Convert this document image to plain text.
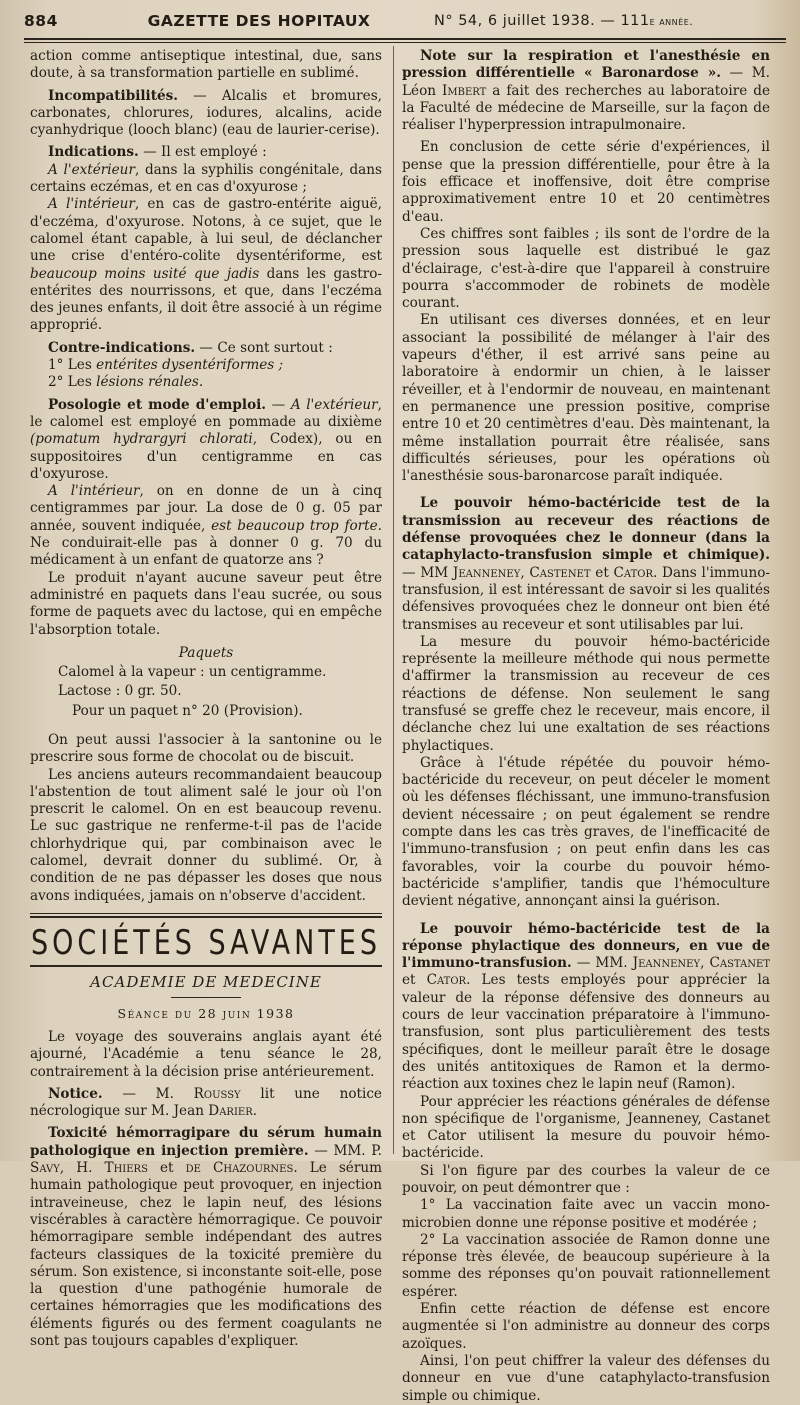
884	GAZETTE DES HOPITAUX	N° 54, 6 juillet 1938. — 111e année.

action comme antiseptique intestinal, due, sans doute, à sa transformation partielle en sublimé.

Incompatibilités. — Alcalis et bromures, carbonates, chlorures, iodures, alcalins, acide cyanhydrique (looch blanc) (eau de laurier-cerise).

Indications. — Il est employé :

A l'extérieur, dans la syphilis congénitale, dans certains eczémas, et en cas d'oxyurose ;

A l'intérieur, en cas de gastro-entérite aiguë, d'eczéma, d'oxyurose. Notons, à ce sujet, que le calomel étant capable, à lui seul, de déclancher une crise d'entéro-colite dysentériforme, est beaucoup moins usité que jadis dans les gastro-entérites des nourrissons, et que, dans l'eczéma des jeunes enfants, il doit être associé à un régime approprié.

Contre-indications. — Ce sont surtout :

1° Les entérites dysentériformes ;

2° Les lésions rénales.

Posologie et mode d'emploi. — A l'extérieur, le calomel est employé en pommade au dixième (pomatum hydrargyri chlorati, Codex), ou en suppositoires d'un centigramme en cas d'oxyurose.

A l'intérieur, on en donne de un à cinq centigrammes par jour. La dose de 0 g. 05 par année, souvent indiquée, est beaucoup trop forte. Ne conduirait-elle pas à donner 0 g. 70 du médicament à un enfant de quatorze ans ?

Le produit n'ayant aucune saveur peut être administré en paquets dans l'eau sucrée, ou sous forme de paquets avec du lactose, qui en empêche l'absorption totale.

Paquets

Calomel à la vapeur : un centigramme.

Lactose : 0 gr. 50.

Pour un paquet n° 20 (Provision).

On peut aussi l'associer à la santonine ou le prescrire sous forme de chocolat ou de biscuit.

Les anciens auteurs recommandaient beaucoup l'abstention de tout aliment salé le jour où l'on prescrit le calomel. On en est beaucoup revenu. Le suc gastrique ne renferme-t-il pas de l'acide chlorhydrique qui, par combinaison avec le calomel, devrait donner du sublimé. Or, à condition de ne pas dépasser les doses que nous avons indiquées, jamais on n'observe d'accident.

SOCIÉTÉS SAVANTES
ACADEMIE DE MEDECINE
Séance du 28 juin 1938

Le voyage des souverains anglais ayant été ajourné, l'Académie a tenu séance le 28, contrairement à la décision prise antérieurement.

Notice. — M. Roussy lit une notice nécrologique sur M. Jean Darier.

Toxicité hémorragipare du sérum humain pathologique en injection première. — MM. P. Savy, H. Thiers et de Chazournes. Le sérum humain pathologique peut provoquer, en injection intraveineuse, chez le lapin neuf, des lésions viscérables à caractère hémorragique. Ce pouvoir hémorragipare semble indépendant des autres facteurs classiques de la toxicité première du sérum. Son existence, si inconstante soit-elle, pose la question d'une pathogénie humorale de certaines hémorragies que les modifications des éléments figurés ou des ferment coagulants ne sont pas toujours capables d'expliquer.

Note sur la respiration et l'anesthésie en pression différentielle « Baronardose ». — M. Léon Imbert a fait des recherches au laboratoire de la Faculté de médecine de Marseille, sur la façon de réaliser l'hyperpression intrapulmonaire.

En conclusion de cette série d'expériences, il pense que la pression différentielle, pour être à la fois efficace et inoffensive, doit être comprise approximativement entre 10 et 20 centimètres d'eau.

Ces chiffres sont faibles ; ils sont de l'ordre de la pression sous laquelle est distribué le gaz d'éclairage, c'est-à-dire que l'appareil à construire pourra s'accommoder de robinets de modèle courant.

En utilisant ces diverses données, et en leur associant la possibilité de mélanger à l'air des vapeurs d'éther, il est arrivé sans peine au laboratoire à endormir un chien, à le laisser réveiller, et à l'endormir de nouveau, en maintenant en permanence une pression positive, comprise entre 10 et 20 centimètres d'eau. Dès maintenant, la même installation pourrait être réalisée, sans difficultés sérieuses, pour les opérations où l'anesthésie sous-baronarcose paraît indiquée.

Le pouvoir hémo-bactéricide test de la transmission au receveur des réactions de défense provoquées chez le donneur (dans la cataphylacto-transfusion simple et chimique). — MM Jeanneney, Castenet et Cator. Dans l'immuno-transfusion, il est intéressant de savoir si les qualités défensives provoquées chez le donneur ont bien été transmises au receveur et sont utilisables par lui.

La mesure du pouvoir hémo-bactéricide représente la meilleure méthode qui nous permette d'affirmer la transmission au receveur de ces réactions de défense. Non seulement le sang transfusé se greffe chez le receveur, mais encore, il déclanche chez lui une exaltation de ses réactions phylactiques.

Grâce à l'étude répétée du pouvoir hémo-bactéricide du receveur, on peut déceler le moment où les défenses fléchissant, une immuno-transfusion devient nécessaire ; on peut également se rendre compte dans les cas très graves, de l'inefficacité de l'immuno-transfusion ; on peut enfin dans les cas favorables, voir la courbe du pouvoir hémo-bactéricide s'amplifier, tandis que l'hémoculture devient négative, annonçant ainsi la guérison.

Le pouvoir hémo-bactéricide test de la réponse phylactique des donneurs, en vue de l'immuno-transfusion. — MM. Jeanneney, Castanet et Cator. Les tests employés pour apprécier la valeur de la réponse défensive des donneurs au cours de leur vaccination préparatoire à l'immuno-transfusion, sont plus particulièrement des tests spécifiques, dont le meilleur paraît être le dosage des unités antitoxiques de Ramon et la dermo-réaction aux toxines chez le lapin neuf (Ramon).

Pour apprécier les réactions générales de défense non spécifique de l'organisme, Jeanneney, Castanet et Cator utilisent la mesure du pouvoir hémo-bactéricide.

Si l'on figure par des courbes la valeur de ce pouvoir, on peut démontrer que :

1° La vaccination faite avec un vaccin mono-microbien donne une réponse positive et modérée ;

2° La vaccination associée de Ramon donne une réponse très élevée, de beaucoup supérieure à la somme des réponses qu'on pouvait rationnellement espérer.

Enfin cette réaction de défense est encore augmentée si l'on administre au donneur des corps azoïques.

Ainsi, l'on peut chiffrer la valeur des défenses du donneur en vue d'une cataphylacto-transfusion simple ou chimique.
